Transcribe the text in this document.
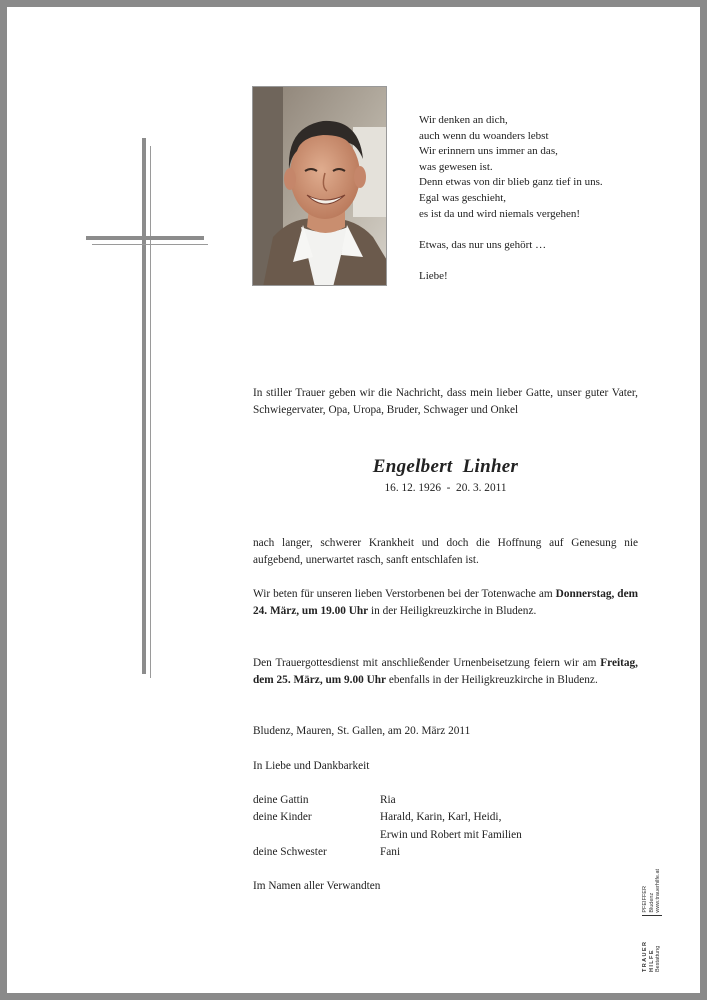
Wir denken an dich,
auch wenn du woanders lebst
Wir erinnern uns immer an das,
was gewesen ist.
Denn etwas von dir blieb ganz tief in uns.
Egal was geschieht,
es ist da und wird niemals vergehen!
Etwas, das nur uns gehört …
Liebe!
In stiller Trauer geben wir die Nachricht, dass mein lieber Gatte, unser guter Vater, Schwiegervater, Opa, Uropa, Bruder, Schwager und Onkel
Engelbert  Linher
16. 12. 1926  -  20. 3. 2011
nach langer, schwerer Krankheit und doch die Hoffnung auf Genesung nie aufgebend, unerwartet rasch, sanft entschlafen ist.
Wir beten für unseren lieben Verstorbenen bei der Totenwache am Donnerstag, dem 24. März, um 19.00 Uhr in der Heiligkreuzkirche in Bludenz.
Den Trauergottesdienst mit anschließender Urnenbeisetzung feiern wir am Freitag, dem 25. März, um 9.00 Uhr ebenfalls in der Heiligkreuzkirche in Bludenz.
Bludenz, Mauren, St. Gallen, am 20. März 2011
In Liebe und Dankbarkeit
deine Gattin	Ria
deine Kinder	Harald, Karin, Karl, Heidi,
Erwin und Robert mit Familien
deine Schwester	Fani
Im Namen aller Verwandten
TRAUER HILFE Bestattung
PFEIFFER Bludenz www.trauerhilfe.at
